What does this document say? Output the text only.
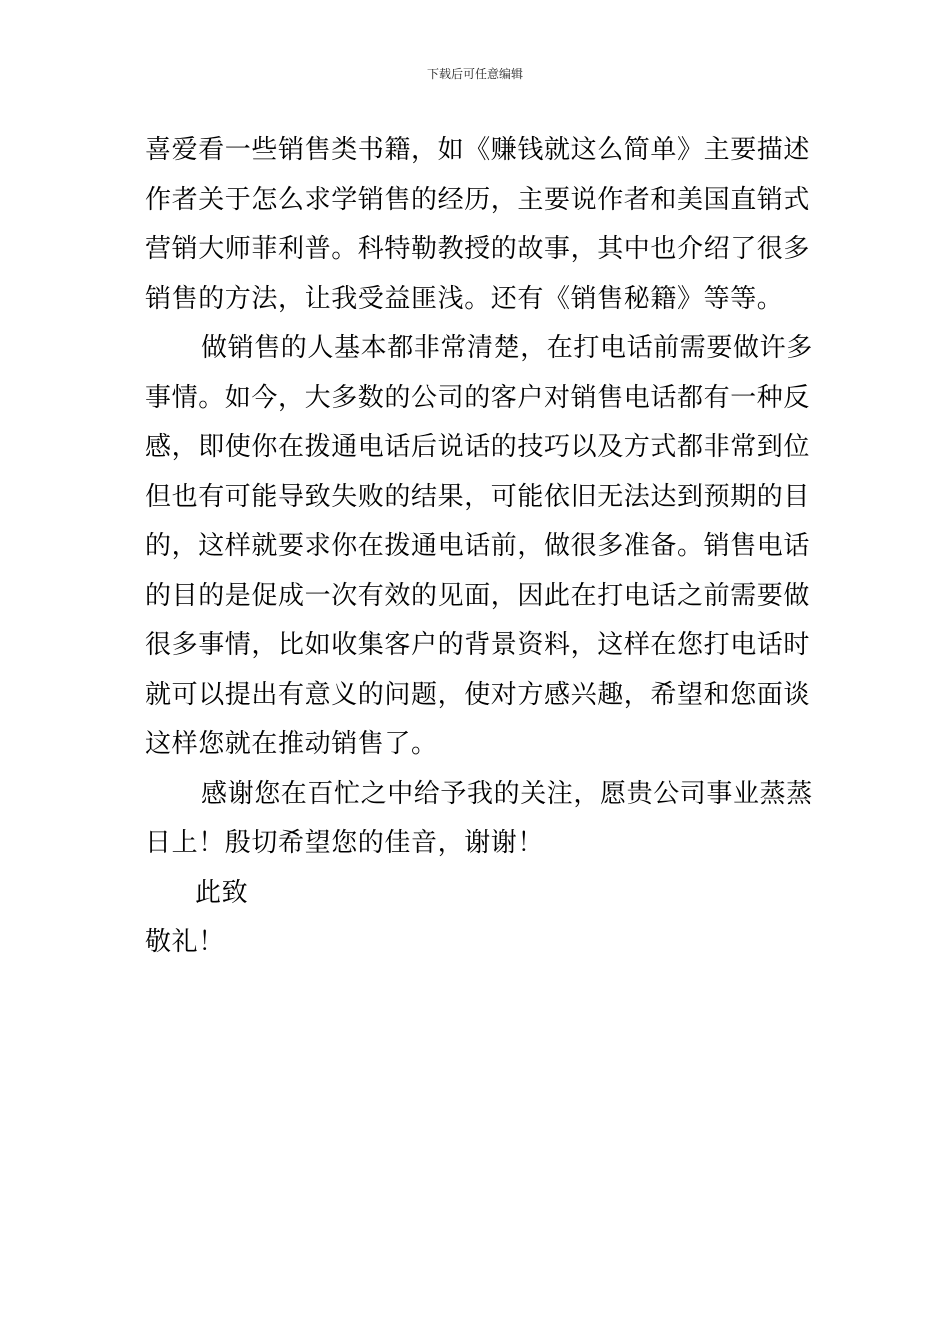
下载后可任意编辑
喜爱看一些销售类书籍，如《赚钱就这么简单》主要描述
作者关于怎么求学销售的经历，主要说作者和美国直销式
营销大师菲利普。科特勒教授的故事，其中也介绍了很多
销售的方法，让我受益匪浅。还有《销售秘籍》等等。
做销售的人基本都非常清楚，在打电话前需要做许多
事情。如今，大多数的公司的客户对销售电话都有一种反
感，即使你在拨通电话后说话的技巧以及方式都非常到位
但也有可能导致失败的结果，可能依旧无法达到预期的目
的，这样就要求你在拨通电话前，做很多准备。销售电话
的目的是促成一次有效的见面，因此在打电话之前需要做
很多事情，比如收集客户的背景资料，这样在您打电话时
就可以提出有意义的问题，使对方感兴趣，希望和您面谈
这样您就在推动销售了。
感谢您在百忙之中给予我的关注，愿贵公司事业蒸蒸
日上！殷切希望您的佳音，谢谢！
此致
敬礼！
